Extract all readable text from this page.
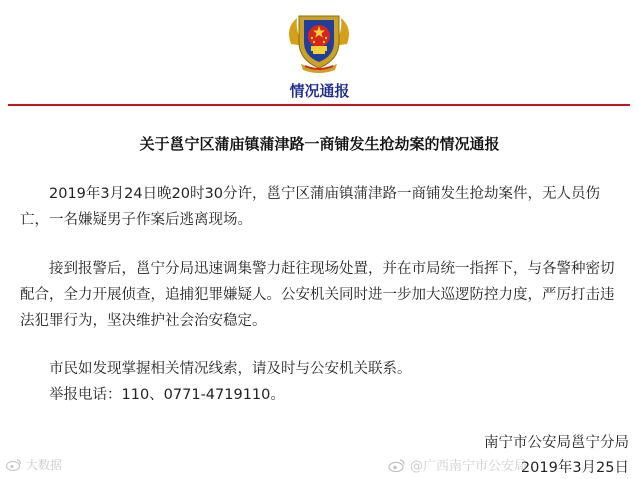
情况通报
关于邕宁区蒲庙镇蒲津路一商铺发生抢劫案的情况通报

2019年3月24日晚20时30分许，邕宁区蒲庙镇蒲津路一商铺发生抢劫案件，无人员伤亡，一名嫌疑男子作案后逃离现场。

接到报警后，邕宁分局迅速调集警力赶往现场处置，并在市局统一指挥下，与各警种密切配合，全力开展侦查，追捕犯罪嫌疑人。公安机关同时进一步加大巡逻防控力度，严厉打击违法犯罪行为，坚决维护社会治安稳定。

市民如发现掌握相关情况线索，请及时与公安机关联系。

举报电话：110、0771-4719110。

南宁市公安局邕宁分局
2019年3月25日
大数据	@广西南宁市公安局
